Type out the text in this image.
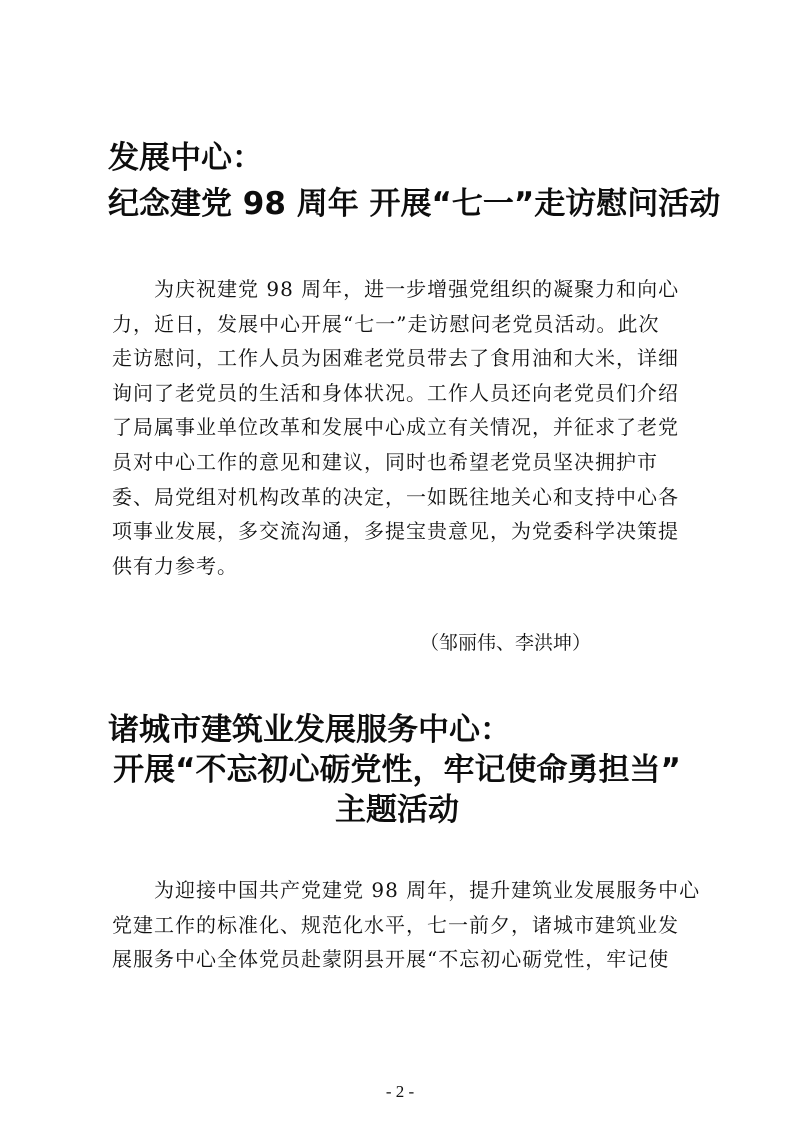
发展中心：
纪念建党 98 周年 开展“七一”走访慰问活动
　　为庆祝建党 98 周年，进一步增强党组织的凝聚力和向心
力，近日，发展中心开展“七一”走访慰问老党员活动。此次
走访慰问，工作人员为困难老党员带去了食用油和大米，详细
询问了老党员的生活和身体状况。工作人员还向老党员们介绍
了局属事业单位改革和发展中心成立有关情况，并征求了老党
员对中心工作的意见和建议，同时也希望老党员坚决拥护市
委、局党组对机构改革的决定，一如既往地关心和支持中心各
项事业发展，多交流沟通，多提宝贵意见，为党委科学决策提
供有力参考。
（邹丽伟、李洪坤）
诸城市建筑业发展服务中心：
开展“不忘初心砺党性，牢记使命勇担当”
主题活动
　　为迎接中国共产党建党 98 周年，提升建筑业发展服务中心
党建工作的标准化、规范化水平，七一前夕，诸城市建筑业发
展服务中心全体党员赴蒙阴县开展“不忘初心砺党性，牢记使
- 2 -
